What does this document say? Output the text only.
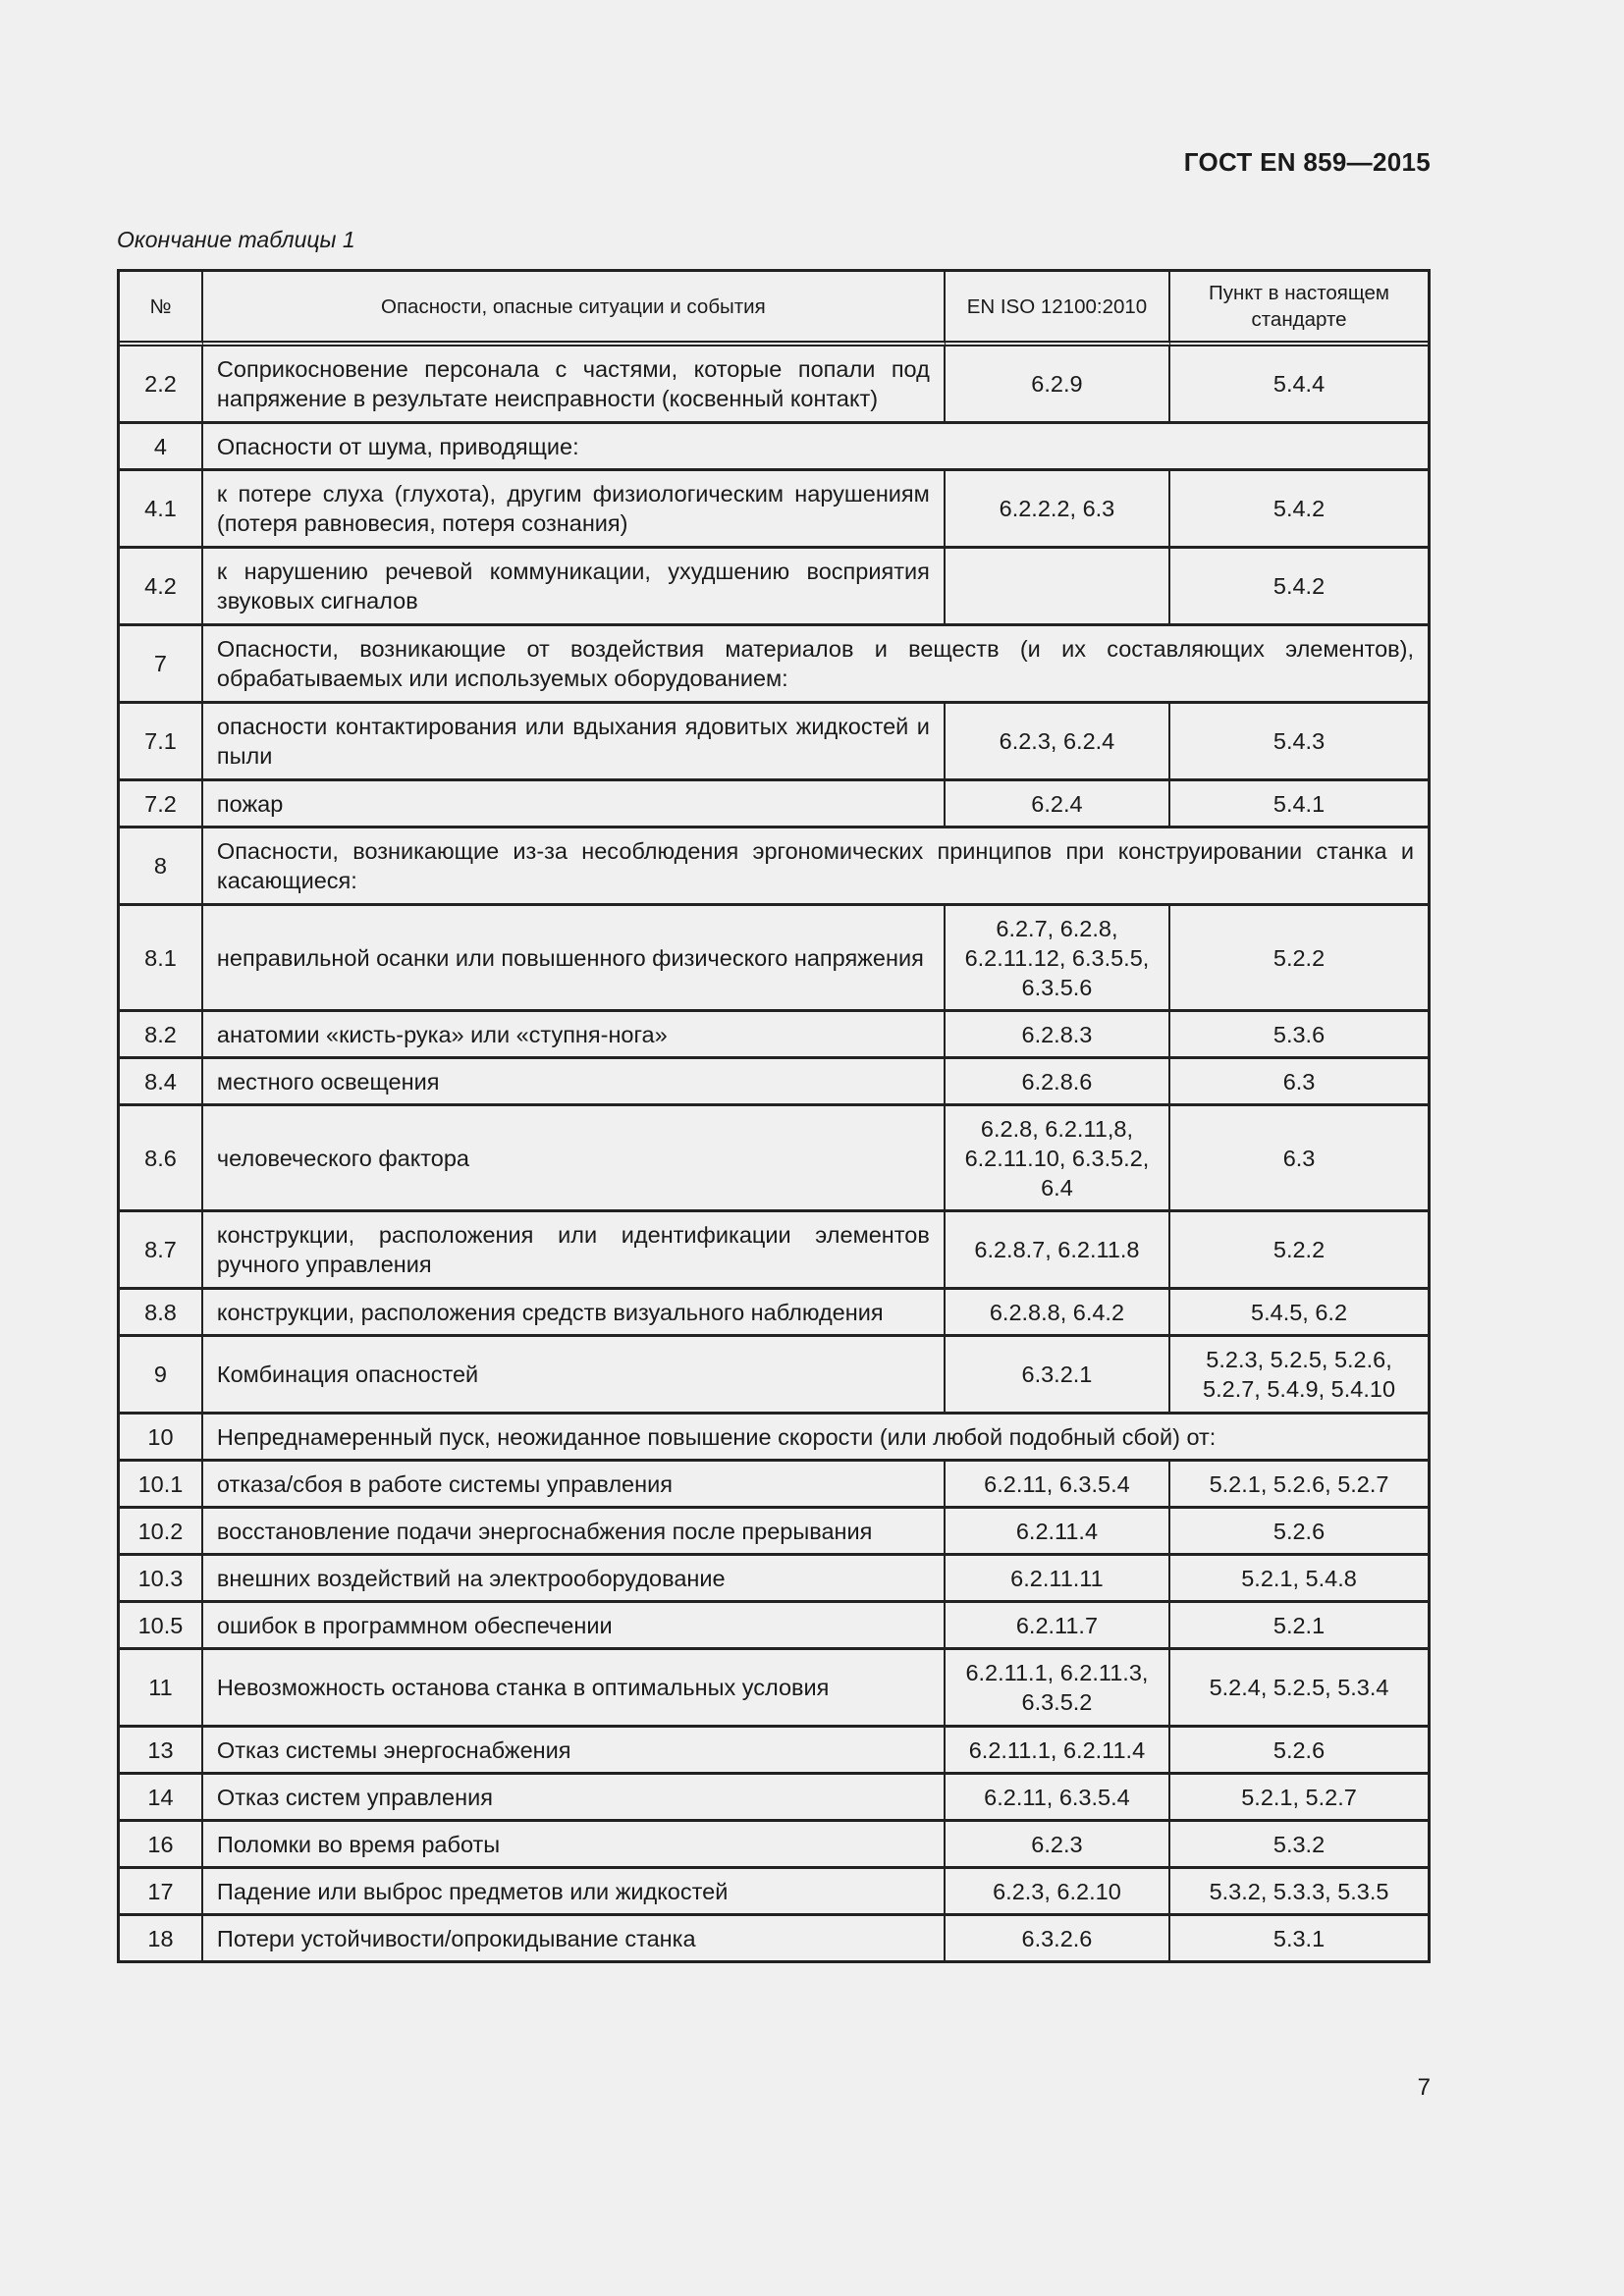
ГОСТ EN 859—2015
Окончание таблицы 1
№	Опасности, опасные ситуации и события	EN ISO 12100:2010	Пункт в настоящем стандарте
2.2	Соприкосновение персонала с частями, которые попали под напряжение в результате неисправности (косвенный контакт)	6.2.9	5.4.4
4	Опасности от шума, приводящие:		
4.1	к потере слуха (глухота), другим физиологическим нарушениям (потеря равновесия, потеря сознания)	6.2.2.2, 6.3	5.4.2
4.2	к нарушению речевой коммуникации, ухудшению восприятия звуковых сигналов		5.4.2
7	Опасности, возникающие от воздействия материалов и веществ (и их составляющих элементов), обрабатываемых или используемых оборудованием:		
7.1	опасности контактирования или вдыхания ядовитых жидкостей и пыли	6.2.3, 6.2.4	5.4.3
7.2	пожар	6.2.4	5.4.1
8	Опасности, возникающие из-за несоблюдения эргономических принципов при конструировании станка и касающиеся:		
8.1	неправильной осанки или повышенного физического напряжения	6.2.7, 6.2.8, 6.2.11.12, 6.3.5.5, 6.3.5.6	5.2.2
8.2	анатомии «кисть-рука» или «ступня-нога»	6.2.8.3	5.3.6
8.4	местного освещения	6.2.8.6	6.3
8.6	человеческого фактора	6.2.8, 6.2.11,8, 6.2.11.10, 6.3.5.2, 6.4	6.3
8.7	конструкции, расположения или идентификации элементов ручного управления	6.2.8.7, 6.2.11.8	5.2.2
8.8	конструкции, расположения средств визуального наблюдения	6.2.8.8, 6.4.2	5.4.5, 6.2
9	Комбинация опасностей	6.3.2.1	5.2.3, 5.2.5, 5.2.6, 5.2.7, 5.4.9, 5.4.10
10	Непреднамеренный пуск, неожиданное повышение скорости (или любой подобный сбой) от:		
10.1	отказа/сбоя в работе системы управления	6.2.11, 6.3.5.4	5.2.1, 5.2.6, 5.2.7
10.2	восстановление подачи энергоснабжения после прерывания	6.2.11.4	5.2.6
10.3	внешних воздействий на электрооборудование	6.2.11.11	5.2.1, 5.4.8
10.5	ошибок в программном обеспечении	6.2.11.7	5.2.1
11	Невозможность останова станка в оптимальных условия	6.2.11.1, 6.2.11.3, 6.3.5.2	5.2.4, 5.2.5, 5.3.4
13	Отказ системы энергоснабжения	6.2.11.1, 6.2.11.4	5.2.6
14	Отказ систем управления	6.2.11, 6.3.5.4	5.2.1, 5.2.7
16	Поломки во время работы	6.2.3	5.3.2
17	Падение или выброс предметов или жидкостей	6.2.3, 6.2.10	5.3.2, 5.3.3, 5.3.5
18	Потери устойчивости/опрокидывание станка	6.3.2.6	5.3.1
7
